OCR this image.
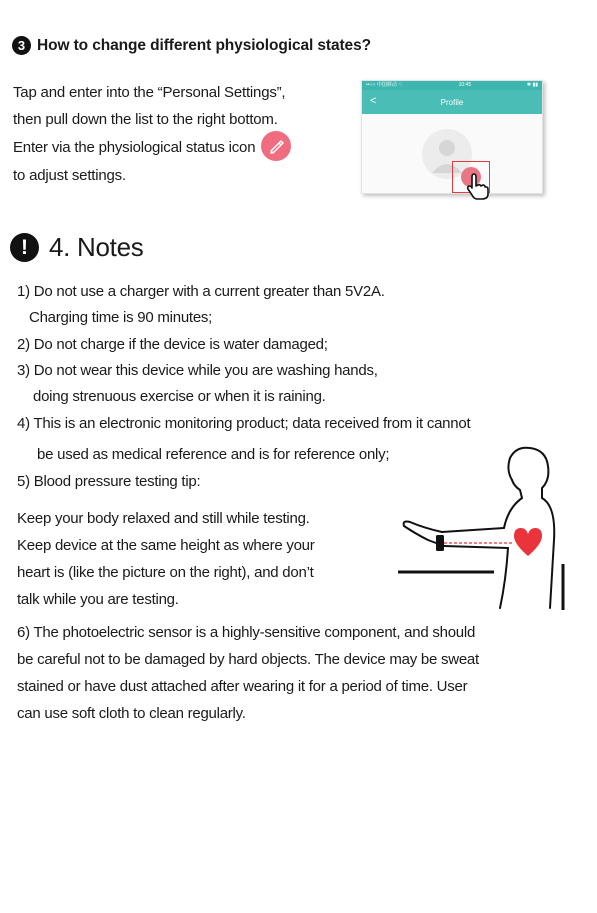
3 How to change different physiological states?
Tap and enter into the “Personal Settings”,
then pull down the list to the right bottom.
Enter via the physiological status icon
to adjust settings.
••○○ 中国移动 ♡	10:45	✱ ▮▮
<	Profile
! 4. Notes
1) Do not use a charger with a current greater than 5V2A.
Charging time is 90 minutes;
2) Do not charge if the device is water damaged;
3) Do not wear this device while you are washing hands,
doing strenuous exercise or when it is raining.
4) This is an electronic monitoring product; data received from it cannot
be used as medical reference and is for reference only;
5) Blood pressure testing tip:
Keep your body relaxed and still while testing.
Keep device at the same height as where your
heart is (like the picture on the right), and don’t
talk while you are testing.
6) The photoelectric sensor is a highly-sensitive component, and should
be careful not to be damaged by hard objects. The device may be sweat
stained or have dust attached after wearing it for a period of time. User
can use soft cloth to clean regularly.
